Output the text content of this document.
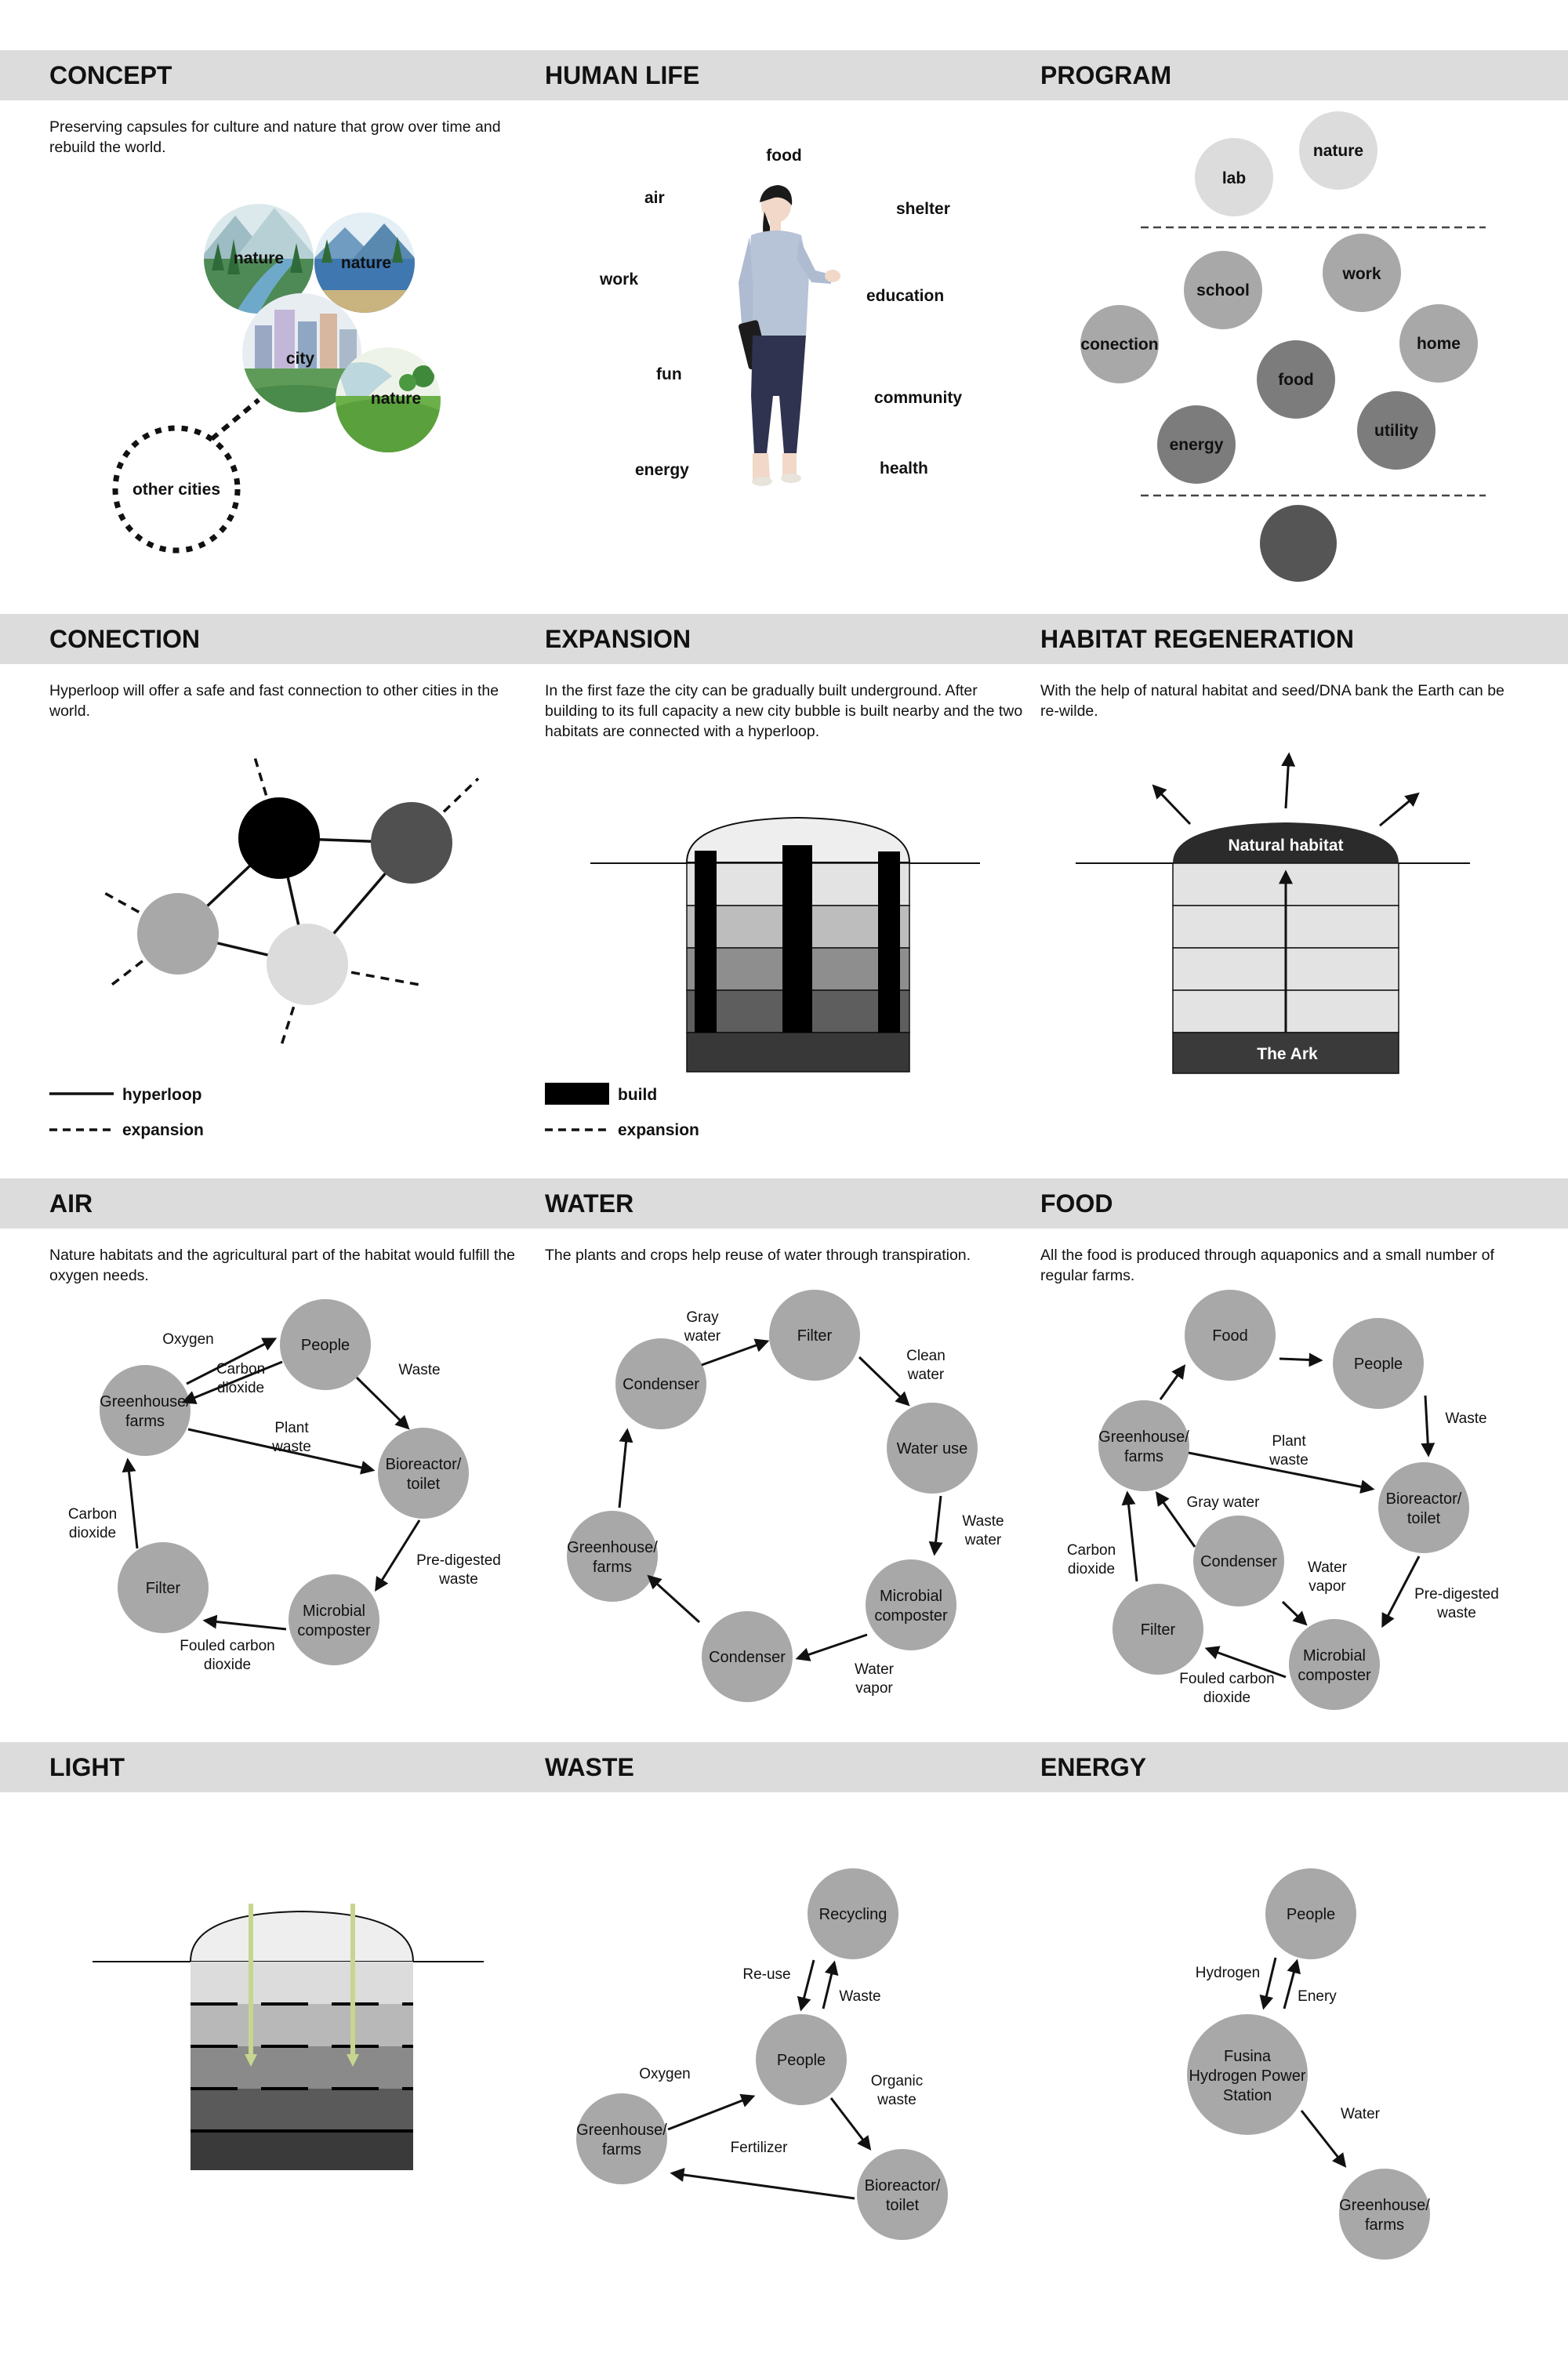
CONCEPT	HUMAN LIFE	PROGRAM
CONECTION	EXPANSION	HABITAT REGENERATION
AIR	WATER	FOOD
LIGHT	WASTE	ENERGY
Preserving capsules for culture and nature that grow over time and rebuild the world.
Hyperloop will offer a safe and fast connection to other cities in the world.
In the first faze the city can be gradually built underground. After building to its full capacity a new city bubble is built nearby and the two habitats are connected with a hyperloop.
With the help of natural habitat and seed/DNA bank the Earth can be re-wilde.
Nature habitats and the agricultural part of the habitat would fulfill the oxygen needs.
The plants and crops help reuse of water through transpiration.	All the food is produced through aquaponics and a small number of regular farms.
other cities
nature	nature
city
nature
food
air
shelter
work
education
fun
community
energy	health
lab
nature
school
work
conection	home
food
utility
energy
hyperloop
expansion
build
expansion
Natural habitat
The Ark
People
Greenhouse/
farms
Bioreactor/
toilet
Microbial
composter
Filter
Oxygen
Carbon
dioxide
Waste
Plant
waste
Carbon
dioxide
Pre-digested
waste
Fouled carbon
dioxide
Filter
Condenser
Water use
Greenhouse/
farms
Microbial
composter
Condenser
Gray
water
Clean
water
Waste
water
Water
vapor
Food
People
Greenhouse/
farms
Bioreactor/
toilet
Condenser
Filter
Microbial
composter
Waste
Plant
waste
Gray water
Carbon
dioxide	Water
vapor	Pre-digested
waste
Fouled carbon
dioxide
Recycling
People
Greenhouse/
farms
Bioreactor/
toilet
Re-use
Waste
Oxygen	Organic
waste
Fertilizer
People
Fusina
Hydrogen Power
Station
Greenhouse/
farms
Hydrogen
Enery
Water
